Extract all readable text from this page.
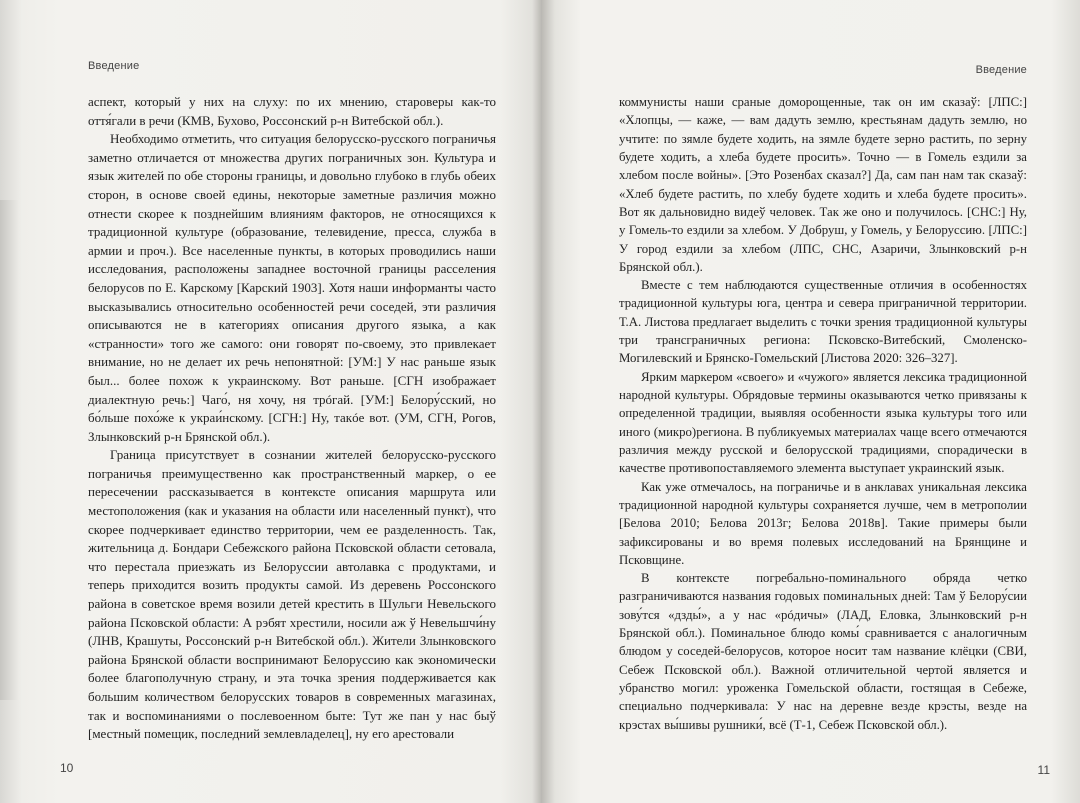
Введение

аспект, который у них на слуху: по их мнению, староверы как-то оття́гали в речи (КМВ, Бухово, Россонский р-н Витебской обл.).

Необходимо отметить, что ситуация белорусско-русского пограничья заметно отличается от множества других пограничных зон. Культура и язык жителей по обе стороны границы, и довольно глубоко в глубь обеих сторон, в основе своей едины, некоторые заметные различия можно отнести скорее к позднейшим влияниям факторов, не относящихся к традиционной культуре (образование, телевидение, пресса, служба в армии и проч.). Все населенные пункты, в которых проводились наши исследования, расположены западнее восточной границы расселения белорусов по Е. Карскому [Карский 1903]. Хотя наши информанты часто высказывались относительно особенностей речи соседей, эти различия описываются не в категориях описания другого языка, а как «странности» того же самого: они говорят по-своему, это привлекает внимание, но не делает их речь непонятной: [УМ:] У нас раньше язык был... более похож к украинскому. Вот раньше. [СГН изображает диалектную речь:] Чаго́, ня хочу, ня трóгай. [УМ:] Белору́сский, но бо́льше похо́же к украи́нскому. [СГН:] Ну, такóе вот. (УМ, СГН, Рогов, Злынковский р-н Брянской обл.).

Граница присутствует в сознании жителей белорусско-русского пограничья преимущественно как пространственный маркер, о ее пересечении рассказывается в контексте описания маршрута или местоположения (как и указания на области или населенный пункт), что скорее подчеркивает единство территории, чем ее разделенность. Так, жительница д. Бондари Себежского района Псковской области сетовала, что перестала приезжать из Белоруссии автолавка с продуктами, и теперь приходится возить продукты самой. Из деревень Россонского района в советское время возили детей крестить в Шульги Невельского района Псковской области: А рэбят хрестили, носили аж ў Невельшчи́ну (ЛНВ, Крашуты, Россонский р-н Витебской обл.). Жители Злынковского района Брянской области воспринимают Белоруссию как экономически более благополучную страну, и эта точка зрения поддерживается как большим количеством белорусских товаров в современных магазинах, так и воспоминаниями о послевоенном быте: Тут же пан у нас быў [местный помещик, последний землевладелец], ну его арестовали

10
Введение

коммунисты наши сраные доморощенные, так он им сказаў: [ЛПС:] «Хлопцы, — каже, — вам дадуть землю, крестьянам дадуть землю, но учтите: по зямле будете ходить, на зямле будете зерно растить, по зерну будете ходить, а хлеба будете просить». Точно — в Гомель ездили за хлебом после войны». [Это Розенбах сказал?] Да, сам пан нам так сказаў: «Хлеб будете растить, по хлебу будете ходить и хлеба будете просить». Вот як дальновидно видеў человек. Так же оно и получилось. [СНС:] Ну, у Гомель-то ездили за хлебом. У Добруш, у Гомель, у Белоруссию. [ЛПС:] У город ездили за хлебом (ЛПС, СНС, Азаричи, Злынковский р-н Брянской обл.).

Вместе с тем наблюдаются существенные отличия в особенностях традиционной культуры юга, центра и севера приграничной территории. Т.А. Листова предлагает выделить с точки зрения традиционной культуры три трансграничных региона: Псковско-Витебский, Смоленско-Могилевский и Брянско-Гомельский [Листова 2020: 326–327].

Ярким маркером «своего» и «чужого» является лексика традиционной народной культуры. Обрядовые термины оказываются четко привязаны к определенной традиции, выявляя особенности языка культуры того или иного (микро)региона. В публикуемых материалах чаще всего отмечаются различия между русской и белорусской традициями, спорадически в качестве противопоставляемого элемента выступает украинский язык.

Как уже отмечалось, на пограничье и в анклавах уникальная лексика традиционной народной культуры сохраняется лучше, чем в метрополии [Белова 2010; Белова 2013г; Белова 2018в]. Такие примеры были зафиксированы и во время полевых исследований на Брянщине и Псковщине.

В контексте погребально-поминального обряда четко разграничиваются названия годовых поминальных дней: Там ў Белору́сии зову́тся «дзды́», а у нас «рóдичы» (ЛАД, Еловка, Злынковский р-н Брянской обл.). Поминальное блюдо комы́ сравнивается с аналогичным блюдом у соседей-белорусов, которое носит там название клёцки (СВИ, Себеж Псковской обл.). Важной отличительной чертой является и убранство могил: уроженка Гомельской области, гостящая в Себеже, специально подчеркивала: У нас на деревне везде крэсты, везде на крэстах вы́шивы рушники́, всё (Т-1, Себеж Псковской обл.).

11
